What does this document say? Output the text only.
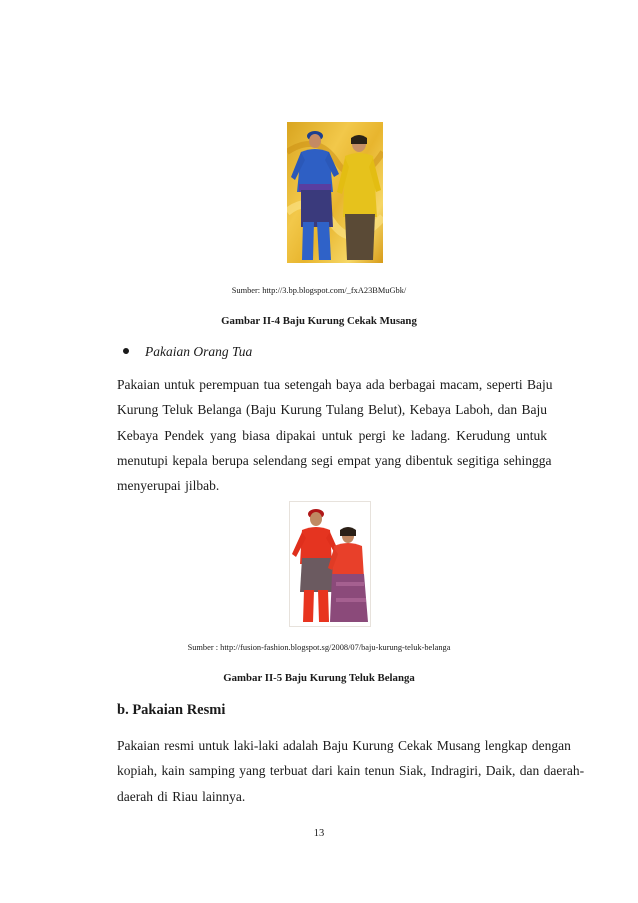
Sumber: http://3.bp.blogspot.com/_fxA23BMuGbk/
Gambar II-4 Baju Kurung Cekak Musang
Pakaian Orang Tua
Pakaian untuk perempuan tua setengah baya ada berbagai macam, seperti Baju
Kurung Teluk Belanga (Baju Kurung Tulang Belut), Kebaya Laboh, dan Baju
Kebaya Pendek yang biasa dipakai untuk pergi ke ladang. Kerudung untuk
menutupi kepala berupa selendang segi empat yang dibentuk segitiga sehingga
menyerupai jilbab.
Sumber : http://fusion-fashion.blogspot.sg/2008/07/baju-kurung-teluk-belanga
Gambar II-5 Baju Kurung Teluk Belanga
b. Pakaian Resmi
Pakaian resmi untuk laki-laki adalah Baju Kurung Cekak Musang lengkap dengan
kopiah, kain samping yang terbuat dari kain tenun Siak, Indragiri, Daik, dan daerah-
daerah di Riau lainnya.
13
